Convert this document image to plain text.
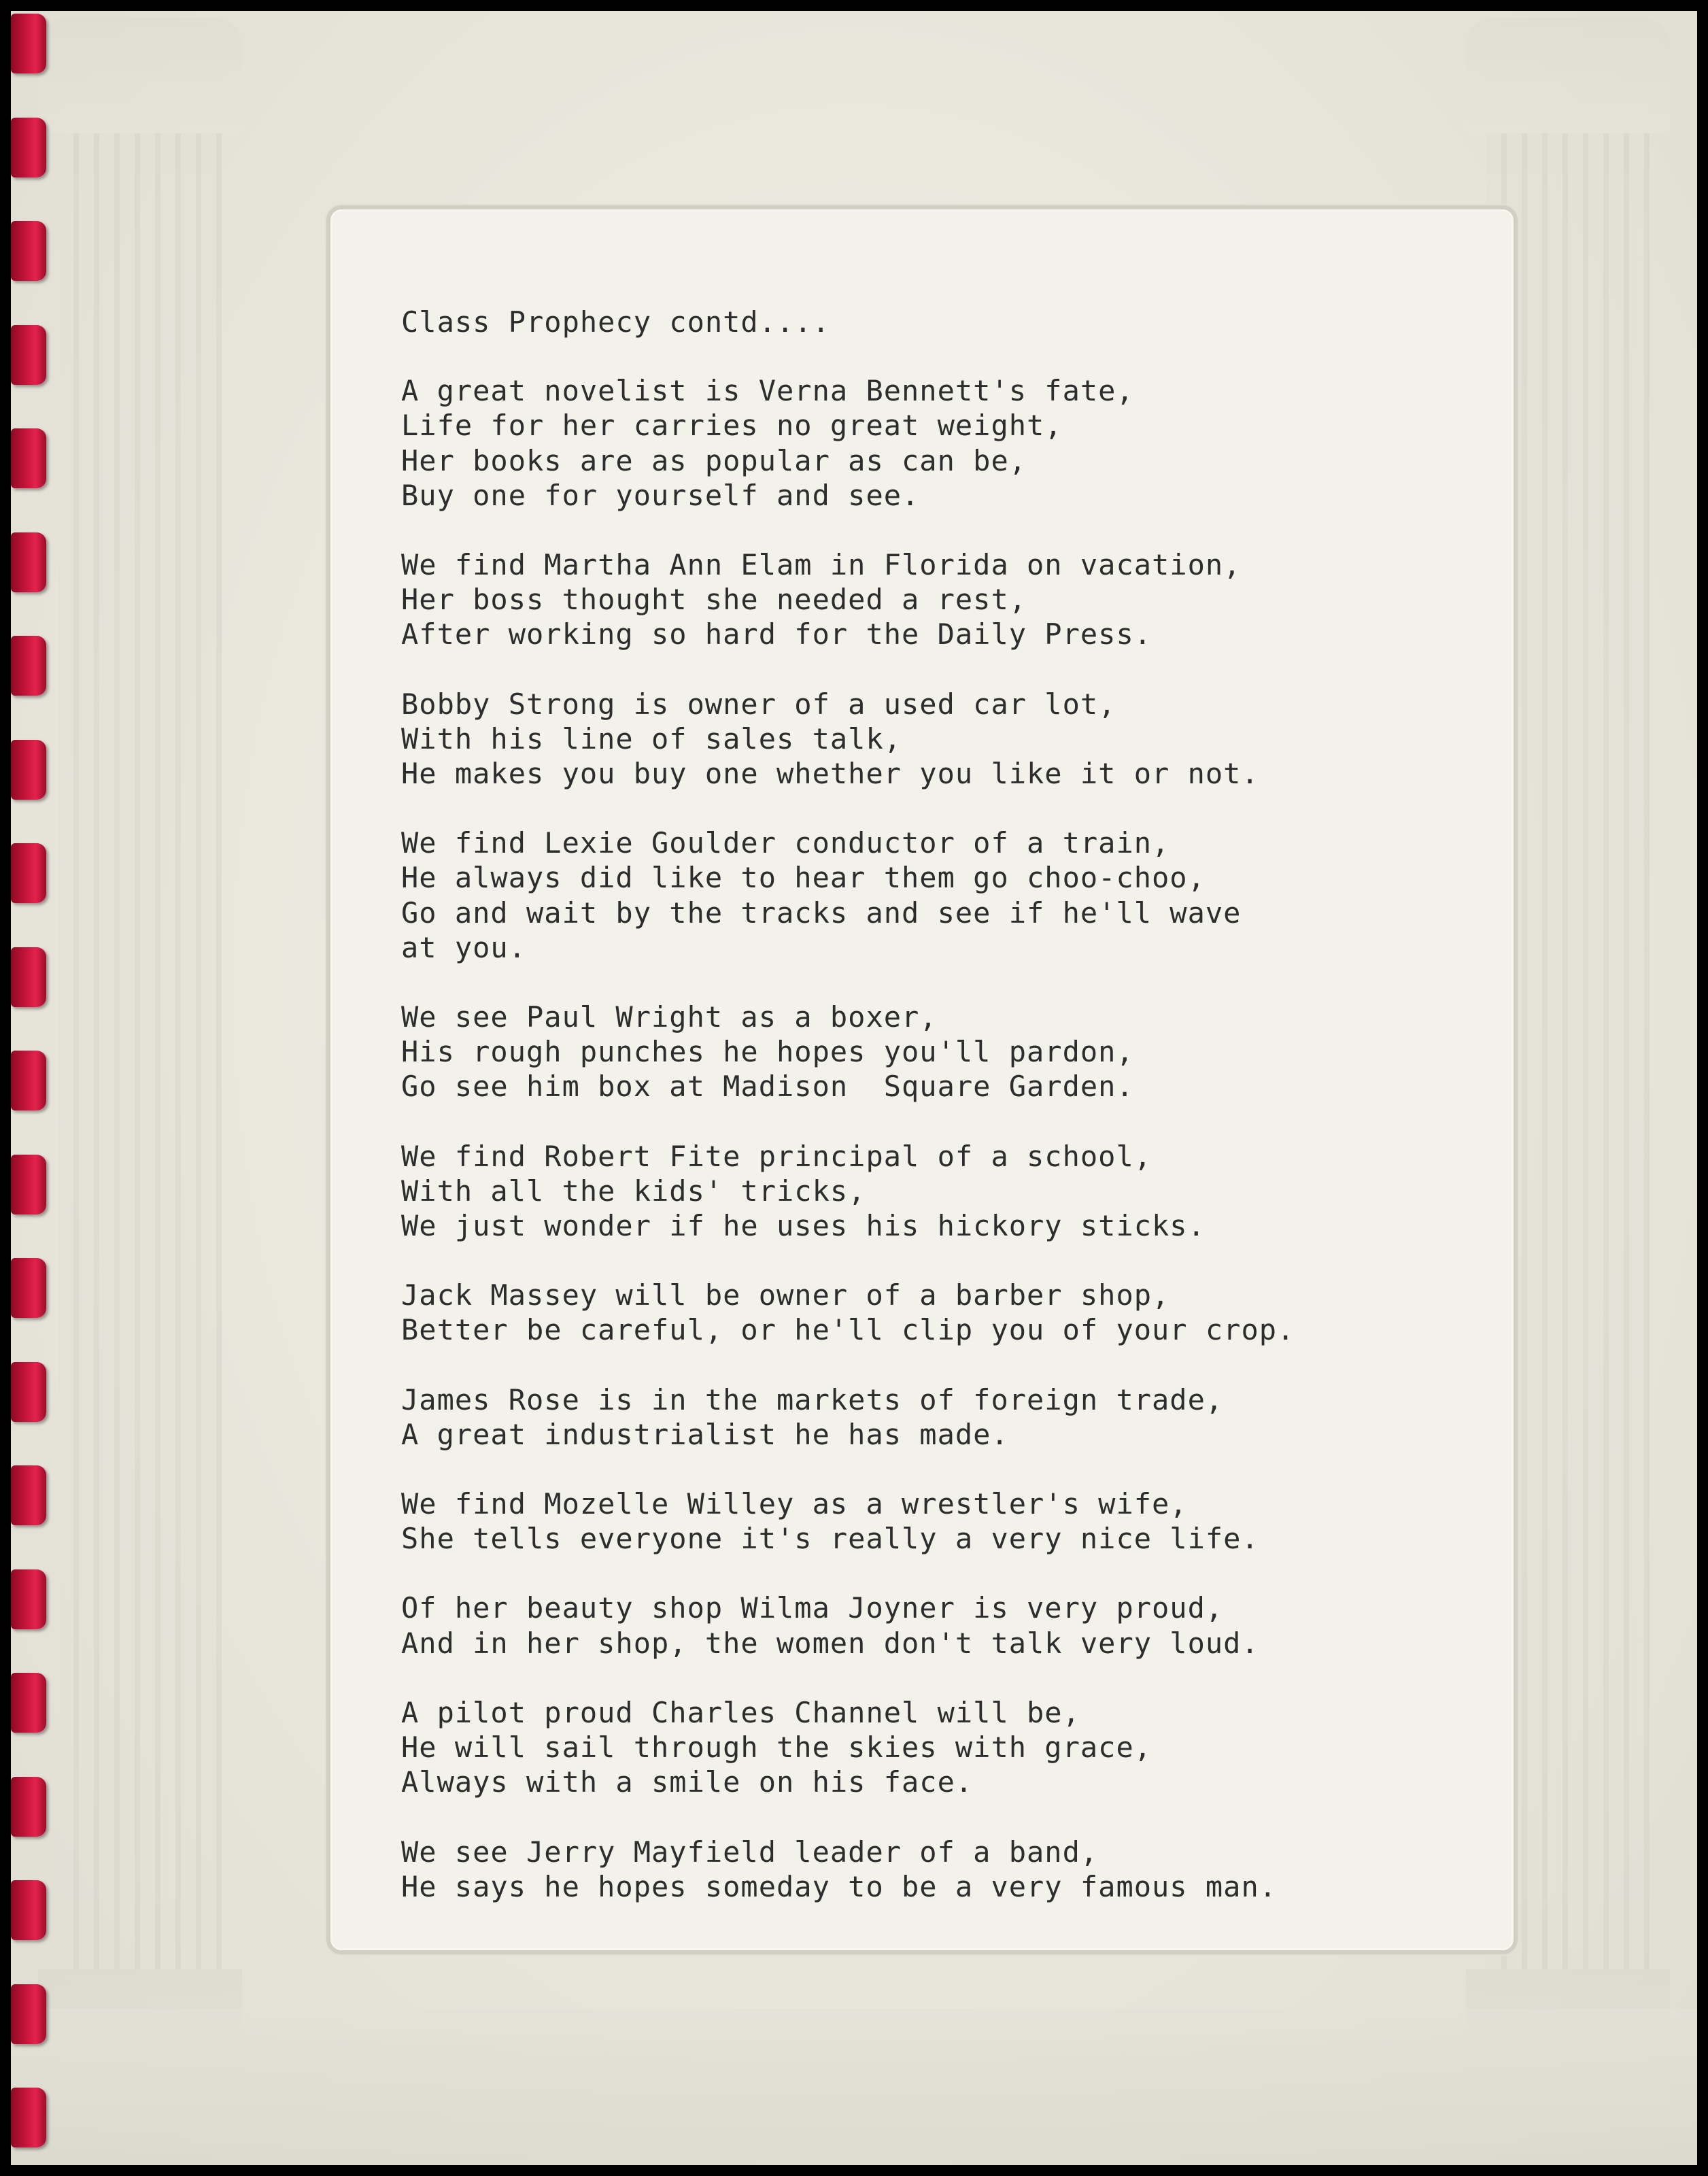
Class Prophecy contd....
A great novelist is Verna Bennett's fate,
Life for her carries no great weight,
Her books are as popular as can be,
Buy one for yourself and see.
We find Martha Ann Elam in Florida on vacation,
Her boss thought she needed a rest,
After working so hard for the Daily Press.
Bobby Strong is owner of a used car lot,
With his line of sales talk,
He makes you buy one whether you like it or not.
We find Lexie Goulder conductor of a train,
He always did like to hear them go choo-choo,
Go and wait by the tracks and see if he'll wave
at you.
We see Paul Wright as a boxer,
His rough punches he hopes you'll pardon,
Go see him box at Madison  Square Garden.
We find Robert Fite principal of a school,
With all the kids' tricks,
We just wonder if he uses his hickory sticks.
Jack Massey will be owner of a barber shop,
Better be careful, or he'll clip you of your crop.
James Rose is in the markets of foreign trade,
A great industrialist he has made.
We find Mozelle Willey as a wrestler's wife,
She tells everyone it's really a very nice life.
Of her beauty shop Wilma Joyner is very proud,
And in her shop, the women don't talk very loud.
A pilot proud Charles Channel will be,
He will sail through the skies with grace,
Always with a smile on his face.
We see Jerry Mayfield leader of a band,
He says he hopes someday to be a very famous man.
